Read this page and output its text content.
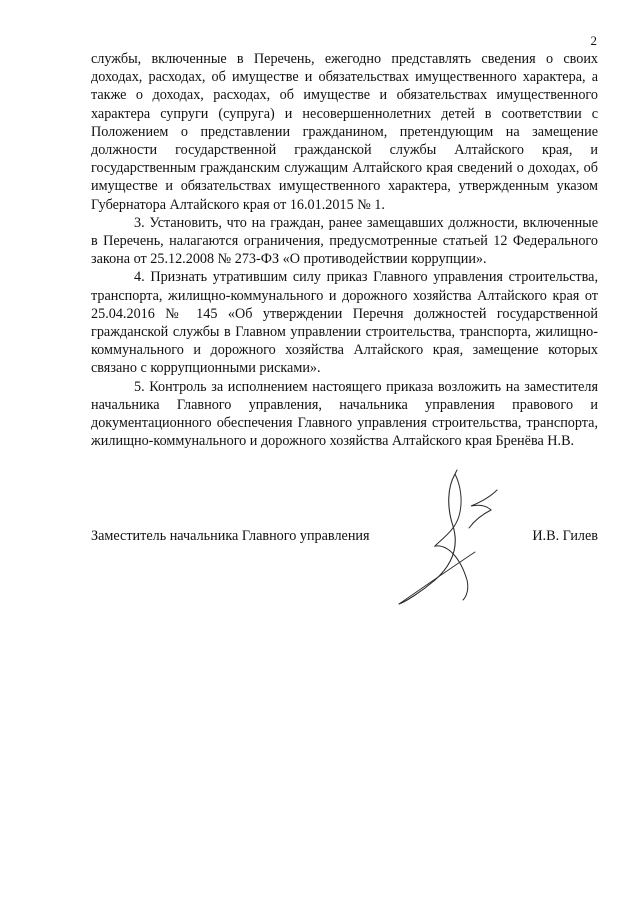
2

службы, включенные в Перечень, ежегодно представлять сведения о своих доходах, расходах, об имуществе и обязательствах имущественного характера, а также о доходах, расходах, об имуществе и обязательствах имущественного характера супруги (супруга) и несовершеннолетних детей в соответствии с Положением о представлении гражданином, претендующим на замещение должности государственной гражданской службы Алтайского края, и государственным гражданским служащим Алтайского края сведений о доходах, об имуществе и обязательствах имущественного характера, утвержденным указом Губернатора Алтайского края от 16.01.2015 № 1.

3. Установить, что на граждан, ранее замещавших должности, включенные в Перечень, налагаются ограничения, предусмотренные статьей 12 Федерального закона от 25.12.2008 № 273-ФЗ «О противодействии коррупции».

4. Признать утратившим силу приказ Главного управления строительства, транспорта, жилищно-коммунального и дорожного хозяйства Алтайского края от 25.04.2016 № 145 «Об утверждении Перечня должностей государственной гражданской службы в Главном управлении строительства, транспорта, жилищно-коммунального и дорожного хозяйства Алтайского края, замещение которых связано с коррупционными рисками».

5. Контроль за исполнением настоящего приказа возложить на заместителя начальника Главного управления, начальника управления правового и документационного обеспечения Главного управления строительства, транспорта, жилищно-коммунального и дорожного хозяйства Алтайского края Бренёва Н.В.

Заместитель начальника Главного управления	И.В. Гилев
